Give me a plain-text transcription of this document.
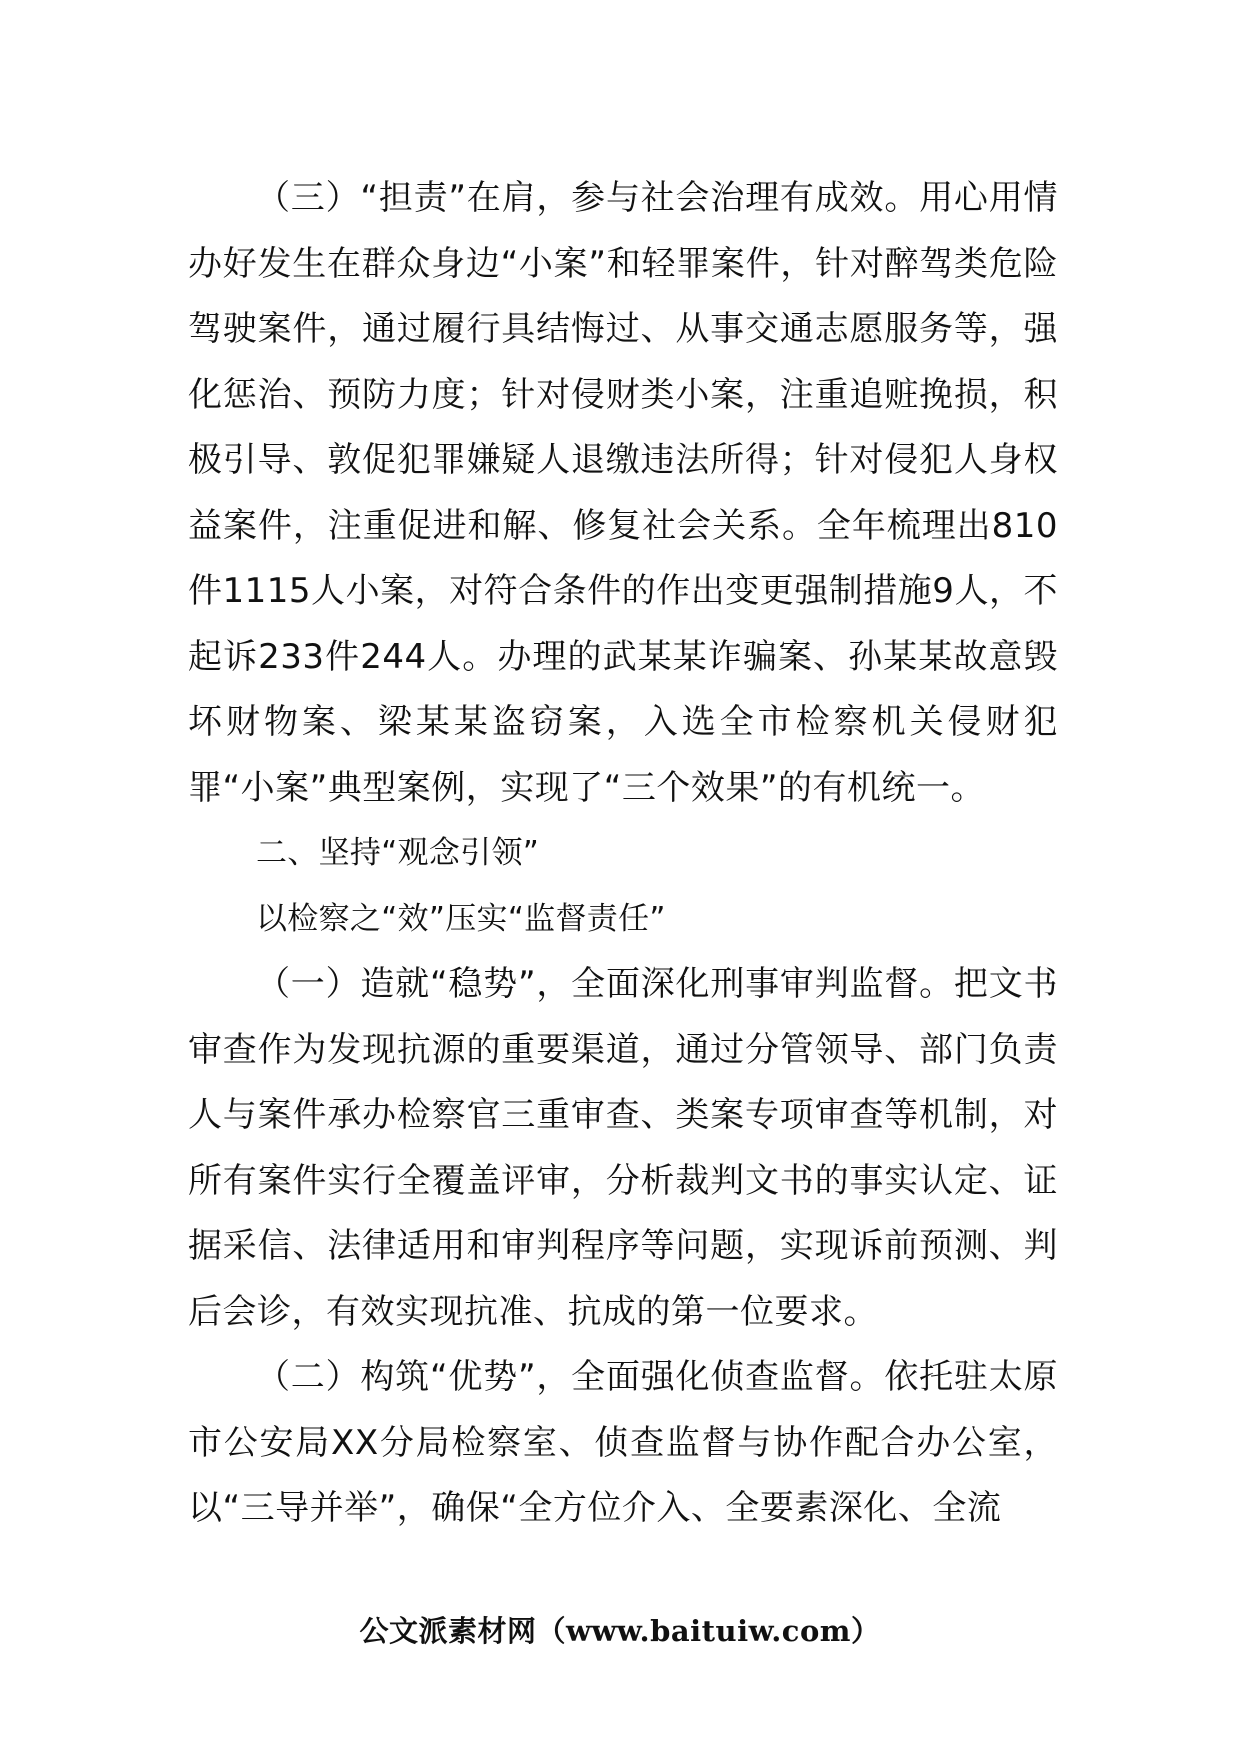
（三）“担责”在肩，参与社会治理有成效。用心用情办好发生在群众身边“小案”和轻罪案件，针对醉驾类危险驾驶案件，通过履行具结悔过、从事交通志愿服务等，强化惩治、预防力度；针对侵财类小案，注重追赃挽损，积极引导、敦促犯罪嫌疑人退缴违法所得；针对侵犯人身权益案件，注重促进和解、修复社会关系。全年梳理出810件1115人小案，对符合条件的作出变更强制措施9人，不起诉233件244人。办理的武某某诈骗案、孙某某故意毁坏财物案、梁某某盗窃案，入选全市检察机关侵财犯罪“小案”典型案例，实现了“三个效果”的有机统一。

二、坚持“观念引领”

以检察之“效”压实“监督责任”

（一）造就“稳势”，全面深化刑事审判监督。把文书审查作为发现抗源的重要渠道，通过分管领导、部门负责人与案件承办检察官三重审查、类案专项审查等机制，对所有案件实行全覆盖评审，分析裁判文书的事实认定、证据采信、法律适用和审判程序等问题，实现诉前预测、判后会诊，有效实现抗准、抗成的第一位要求。

（二）构筑“优势”，全面强化侦查监督。依托驻太原市公安局XX分局检察室、侦查监督与协作配合办公室，以“三导并举”，确保“全方位介入、全要素深化、全流

公文派素材网（www.baituiw.com）
